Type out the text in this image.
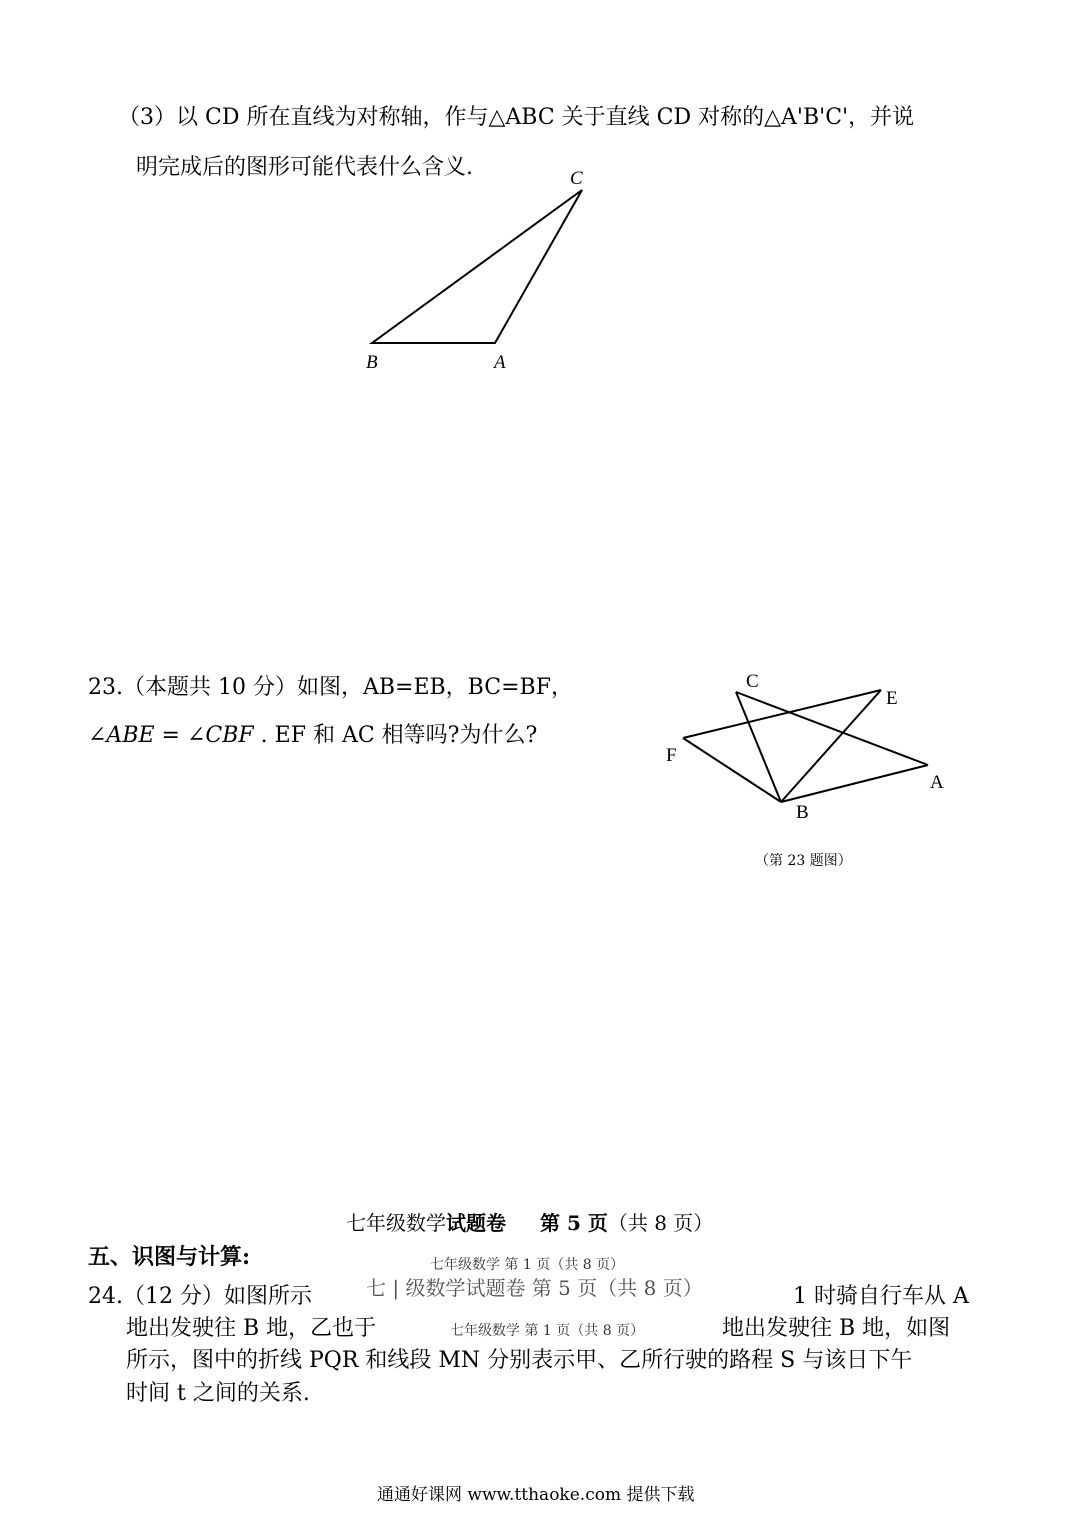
（3）以 CD 所在直线为对称轴，作与△ABC 关于直线 CD 对称的△A'B'C'，并说
明完成后的图形可能代表什么含义.	C
B	A
23.（本题共 10 分）如图，AB=EB，BC=BF，
∠ABE = ∠CBF . EF 和 AC 相等吗?为什么?
C
E
F
A
B
（第 23 题图）
七年级数学试题卷 第 5 页（共 8 页）
五、识图与计算:	七年级数学 第 1 页（共 8 页）
七 | 级数学试题卷 第 5 页（共 8 页）
七年级数学 第 1 页（共 8 页）
24.（12 分）如图所示	1 时骑自行车从 A
地出发驶往 B 地，乙也于	地出发驶往 B 地，如图
所示，图中的折线 PQR 和线段 MN 分别表示甲、乙所行驶的路程 S 与该日下午
时间 t 之间的关系.
通通好课网 www.tthaoke.com 提供下载
